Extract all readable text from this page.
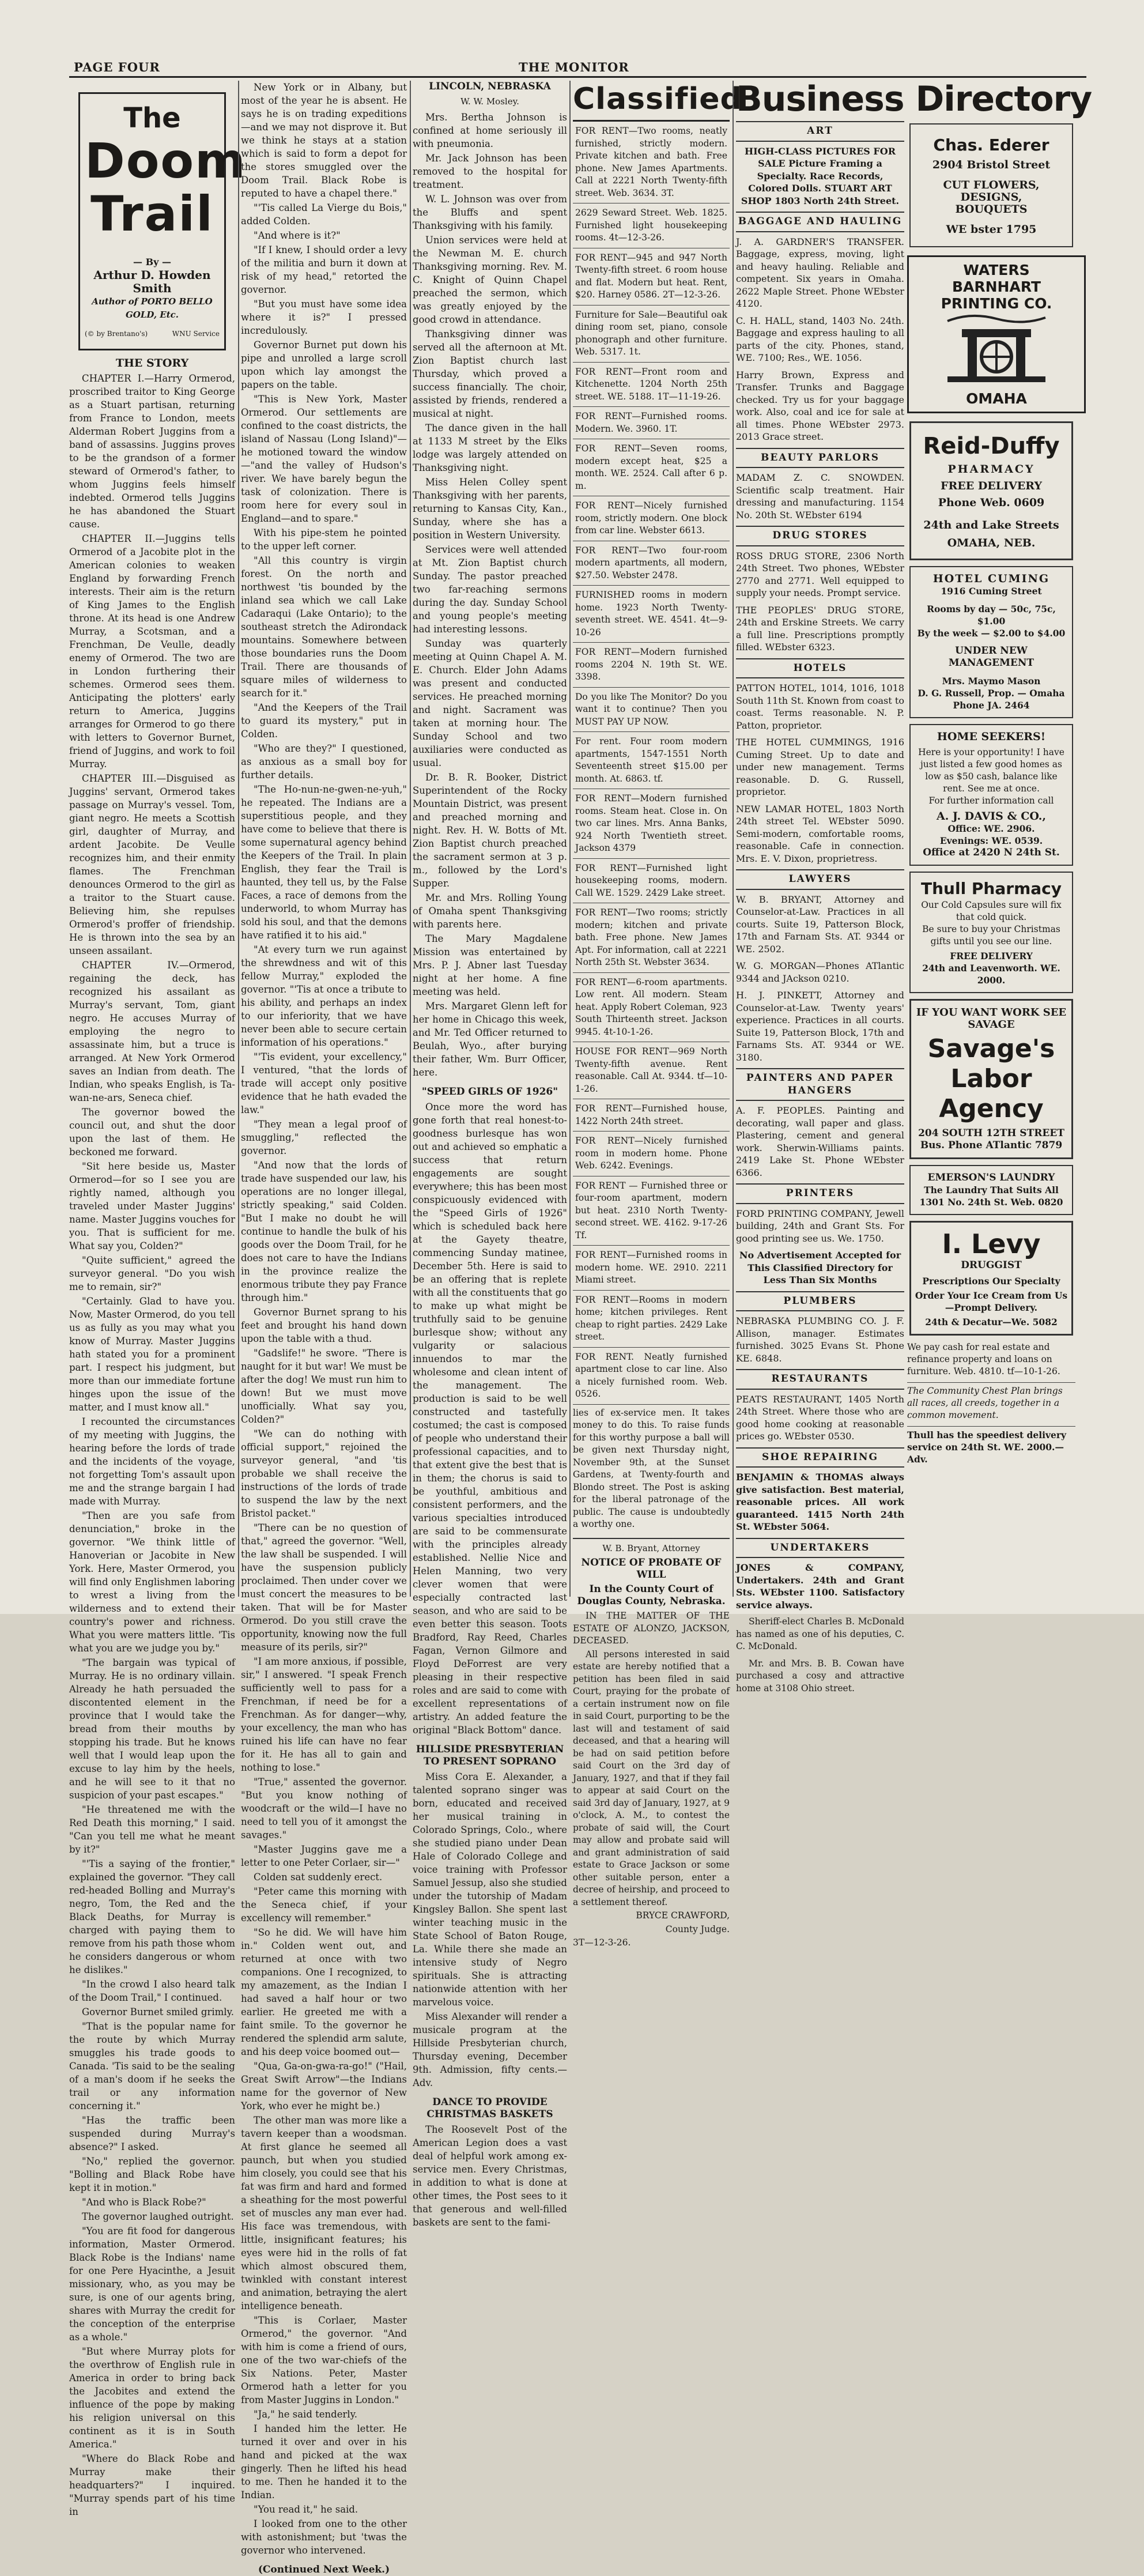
PAGE FOUR	THE MONITOR
The
Doom
Trail
— By —
Arthur D. Howden Smith
Author of PORTO BELLO GOLD, Etc.
(© by Brentano's)	WNU Service
THE STORY

CHAPTER I.—Harry Ormerod, proscribed traitor to King George as a Stuart partisan, returning from France to London, meets Alderman Robert Juggins from a band of assassins. Juggins proves to be the grandson of a former steward of Ormerod's father, to whom Juggins feels himself indebted. Ormerod tells Juggins he has abandoned the Stuart cause.

CHAPTER II.—Juggins tells Ormerod of a Jacobite plot in the American colonies to weaken England by forwarding French interests. Their aim is the return of King James to the English throne. At its head is one Andrew Murray, a Scotsman, and a Frenchman, De Veulle, deadly enemy of Ormerod. The two are in London furthering their schemes. Ormerod sees them. Anticipating the plotters' early return to America, Juggins arranges for Ormerod to go there with letters to Governor Burnet, friend of Juggins, and work to foil Murray.

CHAPTER III.—Disguised as Juggins' servant, Ormerod takes passage on Murray's vessel. Tom, giant negro. He meets a Scottish girl, daughter of Murray, and ardent Jacobite. De Veulle recognizes him, and their enmity flames. The Frenchman denounces Ormerod to the girl as a traitor to the Stuart cause. Believing him, she repulses Ormerod's proffer of friendship. He is thrown into the sea by an unseen assailant.

CHAPTER IV.—Ormerod, regaining the deck, has recognized his assailant as Murray's servant, Tom, giant negro. He accuses Murray of employing the negro to assassinate him, but a truce is arranged. At New York Ormerod saves an Indian from death. The Indian, who speaks English, is Ta-wan-ne-ars, Seneca chief.

The governor bowed the council out, and shut the door upon the last of them. He beckoned me forward.

"Sit here beside us, Master Ormerod—for so I see you are rightly named, although you traveled under Master Juggins' name. Master Juggins vouches for you. That is sufficient for me. What say you, Colden?"

"Quite sufficient," agreed the surveyor general. "Do you wish me to remain, sir?"

"Certainly. Glad to have you. Now, Master Ormerod, do you tell us as fully as you may what you know of Murray. Master Juggins hath stated you for a prominent part. I respect his judgment, but more than our immediate fortune hinges upon the issue of the matter, and I must know all."

I recounted the circumstances of my meeting with Juggins, the hearing before the lords of trade and the incidents of the voyage, not forgetting Tom's assault upon me and the strange bargain I had made with Murray.

"Then are you safe from denunciation," broke in the governor. "We think little of Hanoverian or Jacobite in New York. Here, Master Ormerod, you will find only Englishmen laboring to wrest a living from the wilderness and to extend their country's power and richness. What you were matters little. 'Tis what you are we judge you by."

"The bargain was typical of Murray. He is no ordinary villain. Already he hath persuaded the discontented element in the province that I would take the bread from their mouths by stopping his trade. But he knows well that I would leap upon the excuse to lay him by the heels, and he will see to it that no suspicion of your past escapes."

"He threatened me with the Red Death this morning," I said. "Can you tell me what he meant by it?"

"'Tis a saying of the frontier," explained the governor. "They call red-headed Bolling and Murray's negro, Tom, the Red and the Black Deaths, for Murray is charged with paying them to remove from his path those whom he considers dangerous or whom he dislikes."

"In the crowd I also heard talk of the Doom Trail," I continued.

Governor Burnet smiled grimly.

"That is the popular name for the route by which Murray smuggles his trade goods to Canada. 'Tis said to be the sealing of a man's doom if he seeks the trail or any information concerning it."

"Has the traffic been suspended during Murray's absence?" I asked.

"No," replied the governor. "Bolling and Black Robe have kept it in motion."

"And who is Black Robe?"

The governor laughed outright.

"You are fit food for dangerous information, Master Ormerod. Black Robe is the Indians' name for one Pere Hyacinthe, a Jesuit missionary, who, as you may be sure, is one of our agents bring, shares with Murray the credit for the conception of the enterprise as a whole."

"But where Murray plots for the overthrow of English rule in America in order to bring back the Jacobites and extend the influence of the pope by making his religion universal on this continent as it is in South America."

"Where do Black Robe and Murray make their headquarters?" I inquired. "Murray spends part of his time in

New York or in Albany, but most of the year he is absent. He says he is on trading expeditions—and we may not disprove it. But we think he stays at a station which is said to form a depot for the stores smuggled over the Doom Trail. Black Robe is reputed to have a chapel there."

"'Tis called La Vierge du Bois," added Colden.

"And where is it?"

"If I knew, I should order a levy of the militia and burn it down at risk of my head," retorted the governor.

"But you must have some idea where it is?" I pressed incredulously.

Governor Burnet put down his pipe and unrolled a large scroll upon which lay amongst the papers on the table.

"This is New York, Master Ormerod. Our settlements are confined to the coast districts, the island of Nassau (Long Island)"—he motioned toward the window—"and the valley of Hudson's river. We have barely begun the task of colonization. There is room here for every soul in England—and to spare."

With his pipe-stem he pointed to the upper left corner.

"All this country is virgin forest. On the north and northwest 'tis bounded by the inland sea which we call Lake Cadaraqui (Lake Ontario); to the southeast stretch the Adirondack mountains. Somewhere between those boundaries runs the Doom Trail. There are thousands of square miles of wilderness to search for it."

"And the Keepers of the Trail to guard its mystery," put in Colden.

"Who are they?" I questioned, as anxious as a small boy for further details.

"The Ho-nun-ne-gwen-ne-yuh," he repeated. The Indians are a superstitious people, and they have come to believe that there is some supernatural agency behind the Keepers of the Trail. In plain English, they fear the Trail is haunted, they tell us, by the False Faces, a race of demons from the underworld, to whom Murray has sold his soul, and that the demons have ratified it to his aid."

"At every turn we run against the shrewdness and wit of this fellow Murray," exploded the governor. "'Tis at once a tribute to his ability, and perhaps an index to our inferiority, that we have never been able to secure certain information of his operations."

"'Tis evident, your excellency," I ventured, "that the lords of trade will accept only positive evidence that he hath evaded the law."

"They mean a legal proof of smuggling," reflected the governor.

"And now that the lords of trade have suspended our law, his operations are no longer illegal, strictly speaking," said Colden. "But I make no doubt he will continue to handle the bulk of his goods over the Doom Trail, for he does not care to have the Indians in the province realize the enormous tribute they pay France through him."

Governor Burnet sprang to his feet and brought his hand down upon the table with a thud.

"Gadslife!" he swore. "There is naught for it but war! We must be after the dog! We must run him to down! But we must move unofficially. What say you, Colden?"

"We can do nothing with official support," rejoined the surveyor general, "and 'tis probable we shall receive the instructions of the lords of trade to suspend the law by the next Bristol packet."

"There can be no question of that," agreed the governor. "Well, the law shall be suspended. I will have the suspension publicly proclaimed. Then under cover we must concert the measures to be taken. That will be for Master Ormerod. Do you still crave the opportunity, knowing now the full measure of its perils, sir?"

"I am more anxious, if possible, sir," I answered. "I speak French sufficiently well to pass for a Frenchman, if need be for a Frenchman. As for danger—why, your excellency, the man who has ruined his life can have no fear for it. He has all to gain and nothing to lose."

"True," assented the governor. "But you know nothing of woodcraft or the wild—I have no need to tell you of it amongst the savages."

"Master Juggins gave me a letter to one Peter Corlaer, sir—"

Colden sat suddenly erect.

"Peter came this morning with the Seneca chief, if your excellency will remember."

"So he did. We will have him in." Colden went out, and returned at once with two companions. One I recognized, to my amazement, as the Indian I had saved a half hour or two earlier. He greeted me with a faint smile. To the governor he rendered the splendid arm salute, and his deep voice boomed out—

"Qua, Ga-on-gwa-ra-go!" ("Hail, Great Swift Arrow"—the Indians name for the governor of New York, who ever he might be.)

The other man was more like a tavern keeper than a woodsman. At first glance he seemed all paunch, but when you studied him closely, you could see that his fat was firm and hard and formed a sheathing for the most powerful set of muscles any man ever had. His face was tremendous, with little, insignificant features; his eyes were hid in the rolls of fat which almost obscured them, twinkled with constant interest and animation, betraying the alert intelligence beneath.

"This is Corlaer, Master Ormerod," the governor. "And with him is come a friend of ours, one of the two war-chiefs of the Six Nations. Peter, Master Ormerod hath a letter for you from Master Juggins in London."

"Ja," he said tenderly.

I handed him the letter. He turned it over and over in his hand and picked at the wax gingerly. Then he lifted his head to me. Then he handed it to the Indian.

"You read it," he said.

I looked from one to the other with astonishment; but 'twas the governor who intervened.

(Continued Next Week.)
LINCOLN, NEBRASKA
W. W. Mosley.

Mrs. Bertha Johnson is confined at home seriously ill with pneumonia.

Mr. Jack Johnson has been removed to the hospital for treatment.

W. L. Johnson was over from the Bluffs and spent Thanksgiving with his family.

Union services were held at the Newman M. E. church Thanksgiving morning. Rev. M. C. Knight of Quinn Chapel preached the sermon, which was greatly enjoyed by the good crowd in attendance.

Thanksgiving dinner was served all the afternoon at Mt. Zion Baptist church last Thursday, which proved a success financially. The choir, assisted by friends, rendered a musical at night.

The dance given in the hall at 1133 M street by the Elks lodge was largely attended on Thanksgiving night.

Miss Helen Colley spent Thanksgiving with her parents, returning to Kansas City, Kan., Sunday, where she has a position in Western University.

Services were well attended at Mt. Zion Baptist church Sunday. The pastor preached two far-reaching sermons during the day. Sunday School and young people's meeting had interesting lessons.

Sunday was quarterly meeting at Quinn Chapel A. M. E. Church. Elder John Adams was present and conducted services. He preached morning and night. Sacrament was taken at morning hour. The Sunday School and two auxiliaries were conducted as usual.

Dr. B. R. Booker, District Superintendent of the Rocky Mountain District, was present and preached morning and night. Rev. H. W. Botts of Mt. Zion Baptist church preached the sacrament sermon at 3 p. m., followed by the Lord's Supper.

Mr. and Mrs. Rolling Young of Omaha spent Thanksgiving with parents here.

The Mary Magdalene Mission was entertained by Mrs. P. J. Abner last Tuesday night at her home. A fine meeting was held.

Mrs. Margaret Glenn left for her home in Chicago this week, and Mr. Ted Officer returned to Beulah, Wyo., after burying their father, Wm. Burr Officer, here.

"SPEED GIRLS OF 1926"

Once more the word has gone forth that real honest-to-goodness burlesque has won out and achieved so emphatic a success that return engagements are sought everywhere; this has been most conspicuously evidenced with the "Speed Girls of 1926" which is scheduled back here at the Gayety theatre, commencing Sunday matinee, December 5th. Here is said to be an offering that is replete with all the constituents that go to make up what might be truthfully said to be genuine burlesque show; without any vulgarity or salacious innuendos to mar the wholesome and clean intent of the management. The production is said to be well constructed and tastefully costumed; the cast is composed of people who understand their professional capacities, and to that extent give the best that is in them; the chorus is said to be youthful, ambitious and consistent performers, and the various specialties introduced are said to be commensurate with the principles already established. Nellie Nice and Helen Manning, two very clever women that were especially contracted last season, and who are said to be even better this season. Toots Bradford, Ray Reed, Charles Fagan, Vernon Gilmore and Floyd DeForrest are very pleasing in their respective roles and are said to come with excellent representations of artistry. An added feature the original "Black Bottom" dance.

HILLSIDE PRESBYTERIAN TO PRESENT SOPRANO

Miss Cora E. Alexander, a talented soprano singer was born, educated and received her musical training in Colorado Springs, Colo., where she studied piano under Dean Hale of Colorado College and voice training with Professor Samuel Jessup, also she studied under the tutorship of Madam Kingsley Ballon. She spent last winter teaching music in the State School of Baton Rouge, La. While there she made an intensive study of Negro spirituals. She is attracting nationwide attention with her marvelous voice.

Miss Alexander will render a musicale program at the Hillside Presbyterian church, Thursday evening, December 9th. Admission, fifty cents.—Adv.

DANCE TO PROVIDE CHRISTMAS BASKETS

The Roosevelt Post of the American Legion does a vast deal of helpful work among ex-service men. Every Christmas, in addition to what is done at other times, the Post sees to it that generous and well-filled baskets are sent to the fami-

Classified

FOR RENT—Two rooms, neatly furnished, strictly modern. Private kitchen and bath. Free phone. New James Apartments. Call at 2221 North Twenty-fifth street. Web. 3634. 3T.

2629 Seward Street. Web. 1825. Furnished light housekeeping rooms. 4t—12-3-26.

FOR RENT—945 and 947 North Twenty-fifth street. 6 room house and flat. Modern but heat. Rent, $20. Harney 0586. 2T—12-3-26.

Furniture for Sale—Beautiful oak dining room set, piano, console phonograph and other furniture. Web. 5317. 1t.

FOR RENT—Front room and Kitchenette. 1204 North 25th street. WE. 5188. 1T—11-19-26.

FOR RENT—Furnished rooms. Modern. We. 3960. 1T.

FOR RENT—Seven rooms, modern except heat, $25 a month. WE. 2524. Call after 6 p. m.

FOR RENT—Nicely furnished room, strictly modern. One block from car line. Webster 6613.

FOR RENT—Two four-room modern apartments, all modern, $27.50. Webster 2478.

FURNISHED rooms in modern home. 1923 North Twenty-seventh street. WE. 4541. 4t—9-10-26

FOR RENT—Modern furnished rooms 2204 N. 19th St. WE. 3398.

Do you like The Monitor? Do you want it to continue? Then you MUST PAY UP NOW.

For rent. Four room modern apartments, 1547-1551 North Seventeenth street $15.00 per month. At. 6863. tf.

FOR RENT—Modern furnished rooms. Steam heat. Close in. On two car lines. Mrs. Anna Banks, 924 North Twentieth street. Jackson 4379

FOR RENT—Furnished light housekeeping rooms, modern. Call WE. 1529. 2429 Lake street.

FOR RENT—Two rooms; strictly modern; kitchen and private bath. Free phone. New James Apt. For information, call at 2221 North 25th St. Webster 3634.

FOR RENT—6-room apartments. Low rent. All modern. Steam heat. Apply Robert Coleman, 923 South Thirteenth street. Jackson 9945. 4t-10-1-26.

HOUSE FOR RENT—969 North Twenty-fifth avenue. Rent reasonable. Call At. 9344. tf—10-1-26.

FOR RENT—Furnished house, 1422 North 24th street.

FOR RENT—Nicely furnished room in modern home. Phone Web. 6242. Evenings.

FOR RENT — Furnished three or four-room apartment, modern but heat. 2310 North Twenty-second street. WE. 4162. 9-17-26 Tf.

FOR RENT—Furnished rooms in modern home. WE. 2910. 2211 Miami street.

FOR RENT—Rooms in modern home; kitchen privileges. Rent cheap to right parties. 2429 Lake street.

FOR RENT. Neatly furnished apartment close to car line. Also a nicely furnished room. Web. 0526.

lies of ex-service men. It takes money to do this. To raise funds for this worthy purpose a ball will be given next Thursday night, November 9th, at the Sunset Gardens, at Twenty-fourth and Blondo street. The Post is asking for the liberal patronage of the public. The cause is undoubtedly a worthy one.

W. B. Bryant, Attorney
NOTICE OF PROBATE OF WILL
In the County Court of Douglas County, Nebraska.

IN THE MATTER OF THE ESTATE OF ALONZO, JACKSON, DECEASED.

All persons interested in said estate are hereby notified that a petition has been filed in said Court, praying for the probate of a certain instrument now on file in said Court, purporting to be the last will and testament of said deceased, and that a hearing will be had on said petition before said Court on the 3rd day of January, 1927, and that if they fail to appear at said Court on the said 3rd day of January, 1927, at 9 o'clock, A. M., to contest the probate of said will, the Court may allow and probate said will and grant administration of said estate to Grace Jackson or some other suitable person, enter a decree of heirship, and proceed to a settlement thereof.

BRYCE CRAWFORD,

County Judge.

3T—12-3-26.

Business Directory
ART

HIGH-CLASS PICTURES FOR SALE Picture Framing a Specialty. Race Records, Colored Dolls. STUART ART SHOP 1803 North 24th Street.

BAGGAGE AND HAULING

J. A. GARDNER'S TRANSFER. Baggage, express, moving, light and heavy hauling. Reliable and competent. Six years in Omaha. 2622 Maple Street. Phone WEbster 4120.

C. H. HALL, stand, 1403 No. 24th. Baggage and express hauling to all parts of the city. Phones, stand, WE. 7100; Res., WE. 1056.

Harry Brown, Express and Transfer. Trunks and Baggage checked. Try us for your baggage work. Also, coal and ice for sale at all times. Phone WEbster 2973. 2013 Grace street.

BEAUTY PARLORS

MADAM Z. C. SNOWDEN. Scientific scalp treatment. Hair dressing and manufacturing. 1154 No. 20th St. WEbster 6194

DRUG STORES

ROSS DRUG STORE, 2306 North 24th Street. Two phones, WEbster 2770 and 2771. Well equipped to supply your needs. Prompt service.

THE PEOPLES' DRUG STORE, 24th and Erskine Streets. We carry a full line. Prescriptions promptly filled. WEbster 6323.

HOTELS

PATTON HOTEL, 1014, 1016, 1018 South 11th St. Known from coast to coast. Terms reasonable. N. P. Patton, proprietor.

THE HOTEL CUMMINGS, 1916 Cuming Street. Up to date and under new management. Terms reasonable. D. G. Russell, proprietor.

NEW LAMAR HOTEL, 1803 North 24th street Tel. WEbster 5090. Semi-modern, comfortable rooms, reasonable. Cafe in connection. Mrs. E. V. Dixon, proprietress.

LAWYERS

W. B. BRYANT, Attorney and Counselor-at-Law. Practices in all courts. Suite 19, Patterson Block, 17th and Farnam Sts. AT. 9344 or WE. 2502.

W. G. MORGAN—Phones ATlantic 9344 and JAckson 0210.

H. J. PINKETT, Attorney and Counselor-at-Law. Twenty years' experience. Practices in all courts. Suite 19, Patterson Block, 17th and Farnams Sts. AT. 9344 or WE. 3180.

PAINTERS AND PAPER HANGERS

A. F. PEOPLES. Painting and decorating, wall paper and glass. Plastering, cement and general work. Sherwin-Williams paints. 2419 Lake St. Phone WEbster 6366.

PRINTERS

FORD PRINTING COMPANY, Jewell building, 24th and Grant Sts. For good printing see us. We. 1750.

No Advertisement Accepted for This Classified Directory for Less Than Six Months

PLUMBERS

NEBRASKA PLUMBING CO. J. F. Allison, manager. Estimates furnished. 3025 Evans St. Phone KE. 6848.

RESTAURANTS

PEATS RESTAURANT, 1405 North 24th Street. Where those who are good home cooking at reasonable prices go. WEbster 0530.

SHOE REPAIRING

BENJAMIN & THOMAS always give satisfaction. Best material, reasonable prices. All work guaranteed. 1415 North 24th St. WEbster 5064.

UNDERTAKERS

JONES & COMPANY, Undertakers. 24th and Grant Sts. WEbster 1100. Satisfactory service always.

Sheriff-elect Charles B. McDonald has named as one of his deputies, C. C. McDonald.

Mr. and Mrs. B. B. Cowan have purchased a cosy and attractive home at 3108 Ohio street.

Chas. Ederer
2904 Bristol Street
CUT FLOWERS,
DESIGNS,
BOUQUETS
WE bster 1795
WATERS
BARNHART
PRINTING CO.
OMAHA
Reid-Duffy
PHARMACY
FREE DELIVERY
Phone Web. 0609
24th and Lake Streets
OMAHA, NEB.
HOTEL CUMING
1916 Cuming Street
Rooms by day — 50c, 75c, $1.00
By the week — $2.00 to $4.00
UNDER NEW MANAGEMENT
Mrs. Maymo Mason
D. G. Russell, Prop. — Omaha
Phone JA. 2464
HOME SEEKERS!
Here is your opportunity! I have just listed a few good homes as low as $50 cash, balance like rent. See me at once.
For further information call
A. J. DAVIS & CO.,
Office: WE. 2906.
Evenings: WE. 0539.
Office at 2420 N 24th St.
Thull Pharmacy
Our Cold Capsules sure will fix that cold quick.
Be sure to buy your Christmas gifts until you see our line.
FREE DELIVERY
24th and Leavenworth. WE. 2000.
IF YOU WANT WORK SEE SAVAGE
Savage's
Labor
Agency
204 SOUTH 12TH STREET
Bus. Phone ATlantic 7879
EMERSON'S LAUNDRY
The Laundry That Suits All
1301 No. 24th St. Web. 0820
I. Levy
DRUGGIST
Prescriptions Our Specialty
Order Your Ice Cream from Us—Prompt Delivery.
24th & Decatur—We. 5082

We pay cash for real estate and refinance property and loans on furniture. Web. 4810. tf—10-1-26.

The Community Chest Plan brings all races, all creeds, together in a common movement.

Thull has the speediest delivery service on 24th St. WE. 2000.—Adv.
